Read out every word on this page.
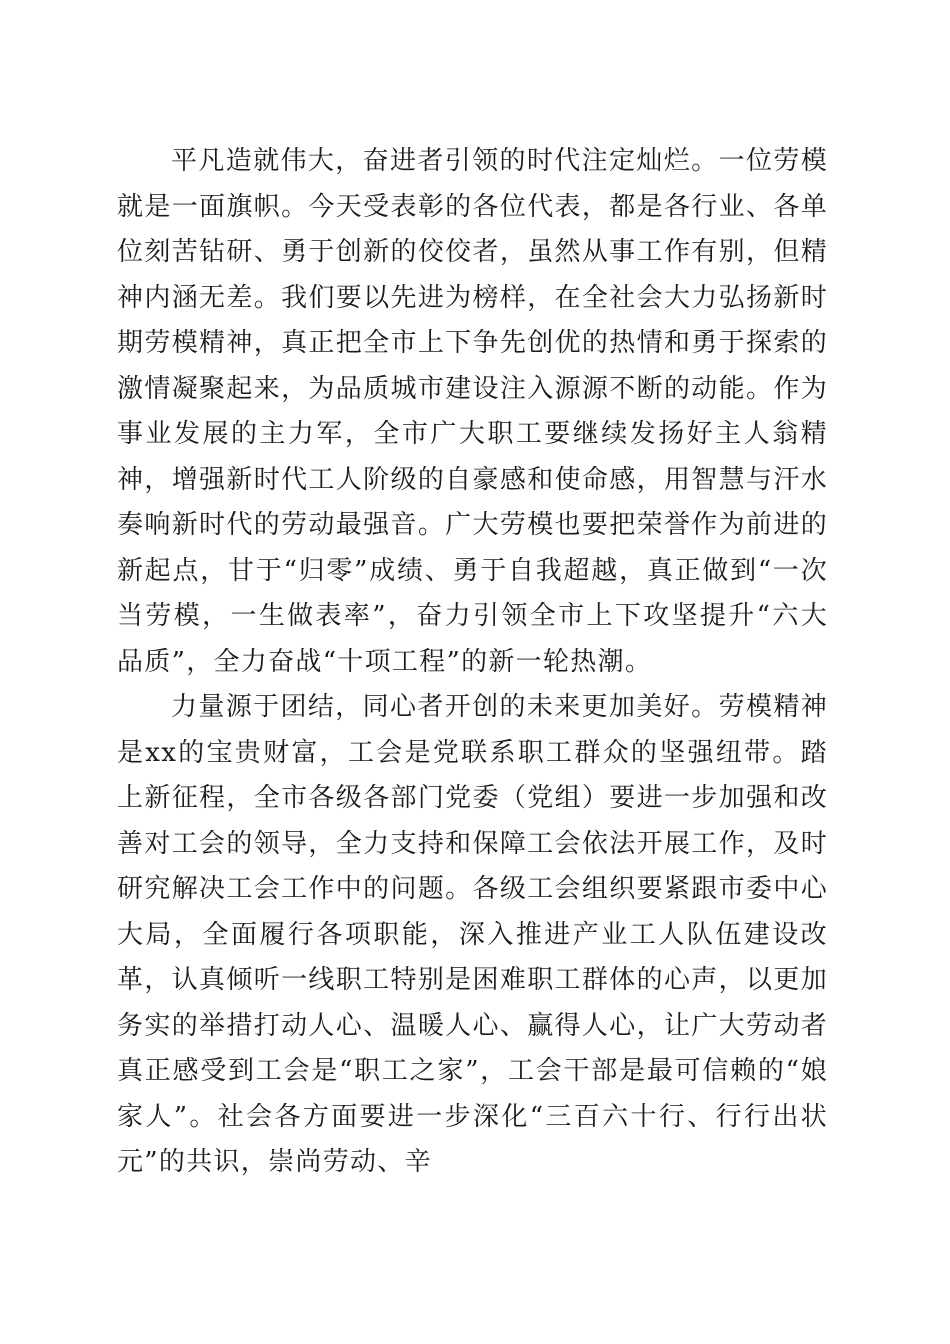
平凡造就伟大，奋进者引领的时代注定灿烂。一位劳模就是一面旗帜。今天受表彰的各位代表，都是各行业、各单位刻苦钻研、勇于创新的佼佼者，虽然从事工作有别，但精神内涵无差。我们要以先进为榜样，在全社会大力弘扬新时期劳模精神，真正把全市上下争先创优的热情和勇于探索的激情凝聚起来，为品质城市建设注入源源不断的动能。作为事业发展的主力军，全市广大职工要继续发扬好主人翁精神，增强新时代工人阶级的自豪感和使命感，用智慧与汗水奏响新时代的劳动最强音。广大劳模也要把荣誉作为前进的新起点，甘于“归零”成绩、勇于自我超越，真正做到“一次当劳模，一生做表率”，奋力引领全市上下攻坚提升“六大品质”，全力奋战“十项工程”的新一轮热潮。

力量源于团结，同心者开创的未来更加美好。劳模精神是xx的宝贵财富，工会是党联系职工群众的坚强纽带。踏上新征程，全市各级各部门党委（党组）要进一步加强和改善对工会的领导，全力支持和保障工会依法开展工作，及时研究解决工会工作中的问题。各级工会组织要紧跟市委中心大局，全面履行各项职能，深入推进产业工人队伍建设改革，认真倾听一线职工特别是困难职工群体的心声，以更加务实的举措打动人心、温暖人心、赢得人心，让广大劳动者真正感受到工会是“职工之家”，工会干部是最可信赖的“娘家人”。社会各方面要进一步深化“三百六十行、行行出状元”的共识，崇尚劳动、辛
